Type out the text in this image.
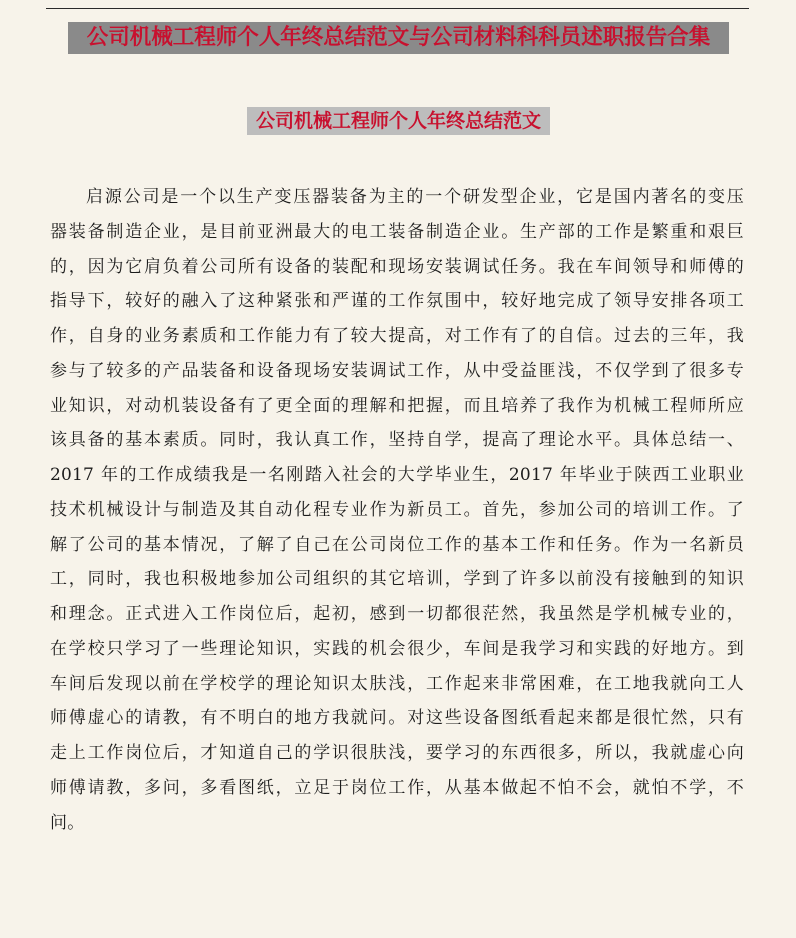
公司机械工程师个人年终总结范文与公司材料科科员述职报告合集
公司机械工程师个人年终总结范文
启源公司是一个以生产变压器装备为主的一个研发型企业，它是国内著名的变压
器装备制造企业，是目前亚洲最大的电工装备制造企业。生产部的工作是繁重和艰巨
的，因为它肩负着公司所有设备的装配和现场安装调试任务。我在车间领导和师傅的
指导下，较好的融入了这种紧张和严谨的工作氛围中，较好地完成了领导安排各项工
作，自身的业务素质和工作能力有了较大提高，对工作有了的自信。过去的三年，我
参与了较多的产品装备和设备现场安装调试工作，从中受益匪浅，不仅学到了很多专
业知识，对动机装设备有了更全面的理解和把握，而且培养了我作为机械工程师所应
该具备的基本素质。同时，我认真工作，坚持自学，提高了理论水平。具体总结一、
2017 年的工作成绩我是一名刚踏入社会的大学毕业生，2017 年毕业于陕西工业职业
技术机械设计与制造及其自动化程专业作为新员工。首先，参加公司的培训工作。了
解了公司的基本情况，了解了自己在公司岗位工作的基本工作和任务。作为一名新员
工，同时，我也积极地参加公司组织的其它培训，学到了许多以前没有接触到的知识
和理念。正式进入工作岗位后，起初，感到一切都很茫然，我虽然是学机械专业的，
在学校只学习了一些理论知识，实践的机会很少，车间是我学习和实践的好地方。到
车间后发现以前在学校学的理论知识太肤浅，工作起来非常困难，在工地我就向工人
师傅虚心的请教，有不明白的地方我就问。对这些设备图纸看起来都是很忙然，只有
走上工作岗位后，才知道自己的学识很肤浅，要学习的东西很多，所以，我就虚心向
师傅请教，多问，多看图纸，立足于岗位工作，从基本做起不怕不会，就怕不学，不
问。
